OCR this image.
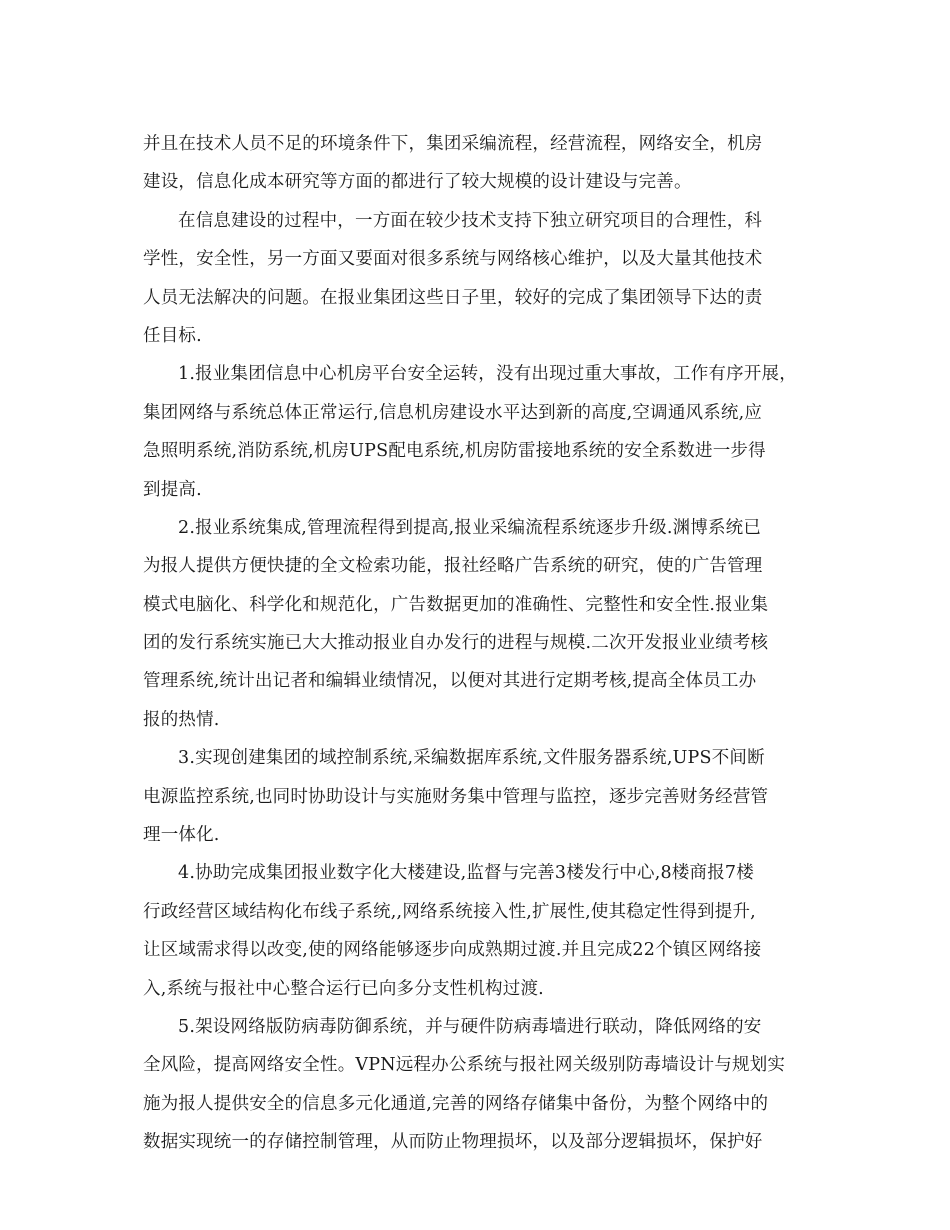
并且在技术人员不足的环境条件下，集团采编流程，经营流程，网络安全，机房
建设，信息化成本研究等方面的都进行了较大规模的设计建设与完善。
在信息建设的过程中，一方面在较少技术支持下独立研究项目的合理性，科
学性，安全性，另一方面又要面对很多系统与网络核心维护，以及大量其他技术
人员无法解决的问题。在报业集团这些日子里，较好的完成了集团领导下达的责
任目标.
1.报业集团信息中心机房平台安全运转，没有出现过重大事故，工作有序开展，
集团网络与系统总体正常运行,信息机房建设水平达到新的高度,空调通风系统,应
急照明系统,消防系统,机房UPS配电系统,机房防雷接地系统的安全系数进一步得
到提高.
2.报业系统集成,管理流程得到提高,报业采编流程系统逐步升级.渊博系统已
为报人提供方便快捷的全文检索功能，报社经略广告系统的研究，使的广告管理
模式电脑化、科学化和规范化，广告数据更加的准确性、完整性和安全性.报业集
团的发行系统实施已大大推动报业自办发行的进程与规模.二次开发报业业绩考核
管理系统,统计出记者和编辑业绩情况，以便对其进行定期考核,提高全体员工办
报的热情.
3.实现创建集团的域控制系统,采编数据库系统,文件服务器系统,UPS不间断
电源监控系统,也同时协助设计与实施财务集中管理与监控，逐步完善财务经营管
理一体化.
4.协助完成集团报业数字化大楼建设,监督与完善3楼发行中心,8楼商报7楼
行政经营区域结构化布线子系统,,网络系统接入性,扩展性,使其稳定性得到提升,
让区域需求得以改变,使的网络能够逐步向成熟期过渡.并且完成22个镇区网络接
入,系统与报社中心整合运行已向多分支性机构过渡.
5.架设网络版防病毒防御系统，并与硬件防病毒墙进行联动，降低网络的安
全风险，提高网络安全性。VPN远程办公系统与报社网关级别防毒墙设计与规划实
施为报人提供安全的信息多元化通道,完善的网络存储集中备份，为整个网络中的
数据实现统一的存储控制管理，从而防止物理损坏，以及部分逻辑损坏，保护好
